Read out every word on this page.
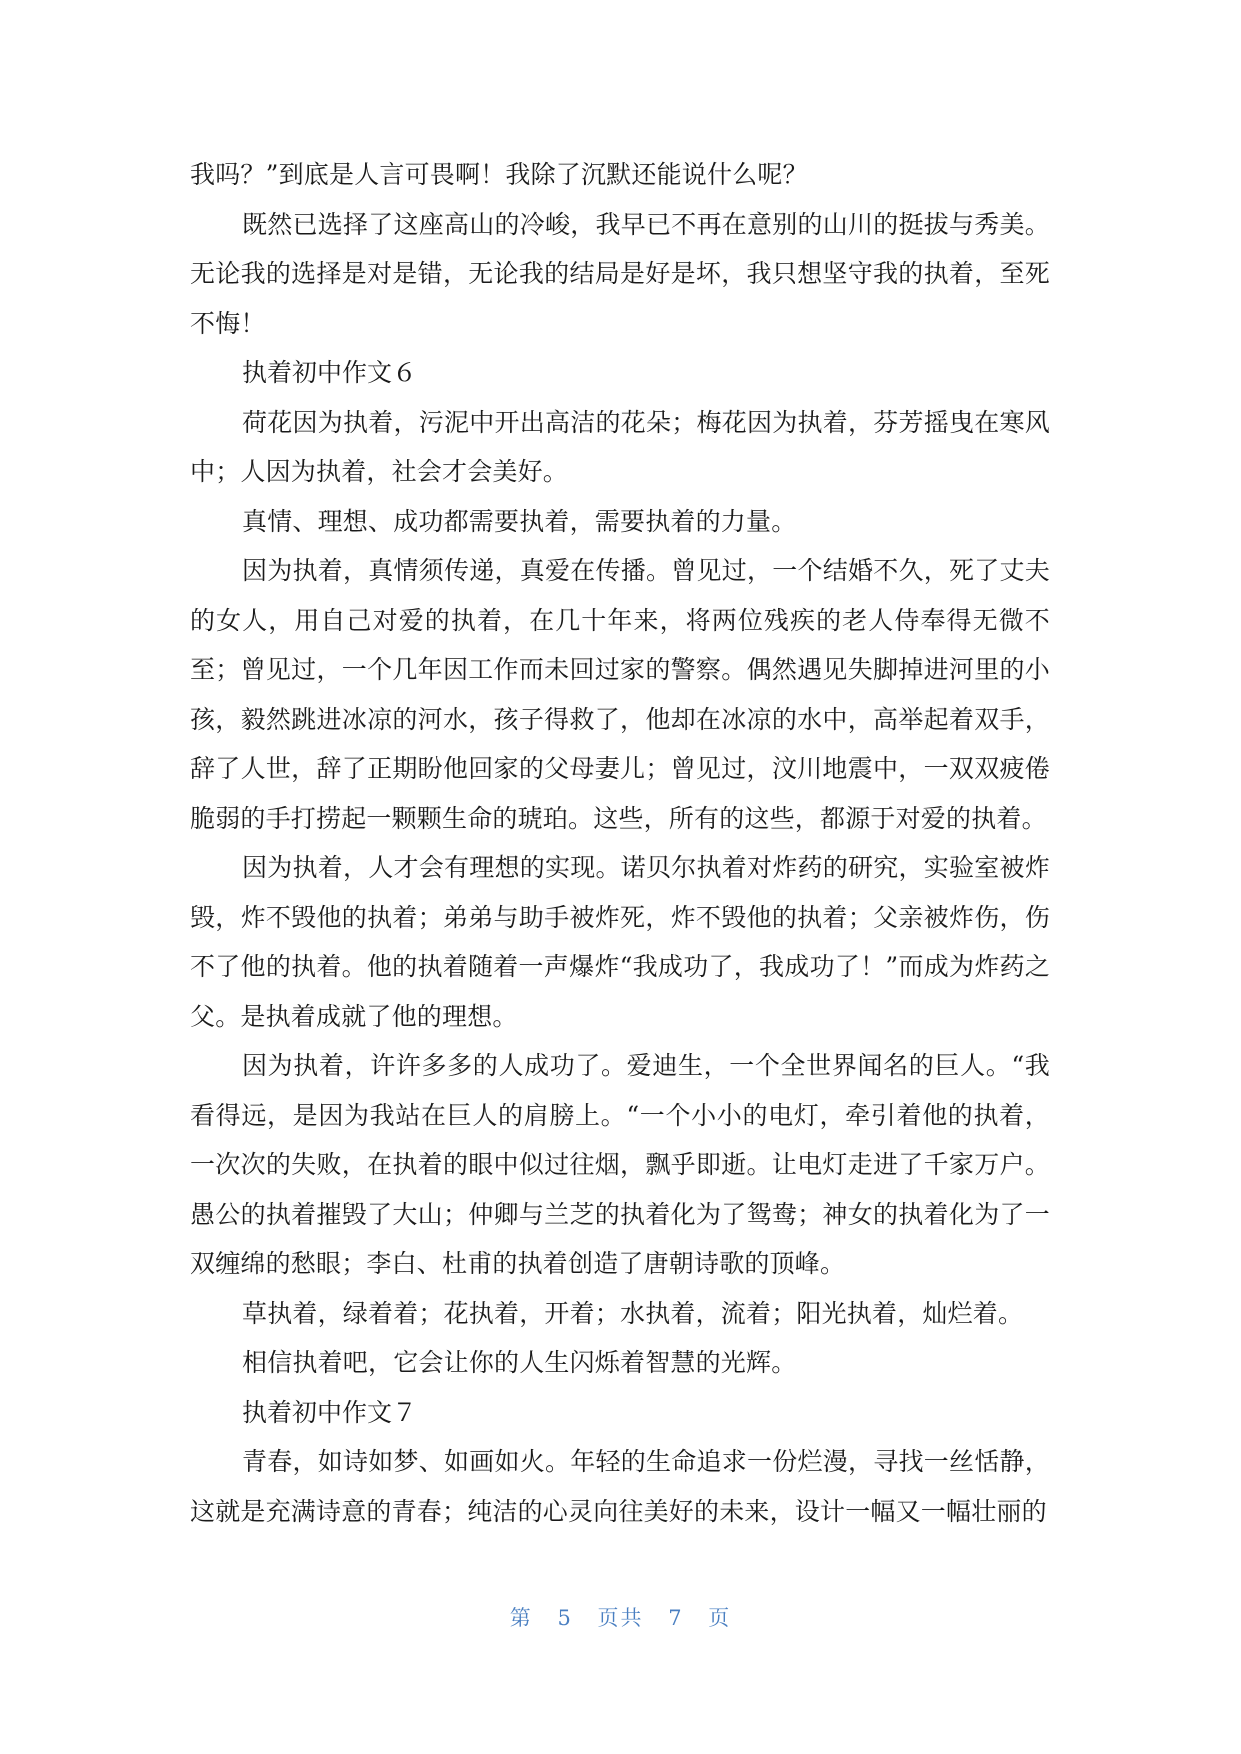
我吗？”到底是人言可畏啊！我除了沉默还能说什么呢？

既然已选择了这座高山的冷峻，我早已不再在意别的山川的挺拔与秀美。无论我的选择是对是错，无论我的结局是好是坏，我只想坚守我的执着，至死不悔！

执着初中作文６

荷花因为执着，污泥中开出高洁的花朵；梅花因为执着，芬芳摇曳在寒风中；人因为执着，社会才会美好。

真情、理想、成功都需要执着，需要执着的力量。

因为执着，真情须传递，真爱在传播。曾见过，一个结婚不久，死了丈夫的女人，用自己对爱的执着，在几十年来，将两位残疾的老人侍奉得无微不至；曾见过，一个几年因工作而未回过家的警察。偶然遇见失脚掉进河里的小孩，毅然跳进冰凉的河水，孩子得救了，他却在冰凉的水中，高举起着双手，辞了人世，辞了正期盼他回家的父母妻儿；曾见过，汶川地震中，一双双疲倦脆弱的手打捞起一颗颗生命的琥珀。这些，所有的这些，都源于对爱的执着。

因为执着，人才会有理想的实现。诺贝尔执着对炸药的研究，实验室被炸毁，炸不毁他的执着；弟弟与助手被炸死，炸不毁他的执着；父亲被炸伤，伤不了他的执着。他的执着随着一声爆炸“我成功了，我成功了！”而成为炸药之父。是执着成就了他的理想。

因为执着，许许多多的人成功了。爱迪生，一个全世界闻名的巨人。“我看得远，是因为我站在巨人的肩膀上。“一个小小的电灯，牵引着他的执着，一次次的失败，在执着的眼中似过往烟，飘乎即逝。让电灯走进了千家万户。愚公的执着摧毁了大山；仲卿与兰芝的执着化为了鸳鸯；神女的执着化为了一双缠绵的愁眼；李白、杜甫的执着创造了唐朝诗歌的顶峰。

草执着，绿着着；花执着，开着；水执着，流着；阳光执着，灿烂着。

相信执着吧，它会让你的人生闪烁着智慧的光辉。

执着初中作文７

青春，如诗如梦、如画如火。年轻的生命追求一份烂漫，寻找一丝恬静，这就是充满诗意的青春；纯洁的心灵向往美好的未来，设计一幅又一幅壮丽的

第 5 页共 7 页
